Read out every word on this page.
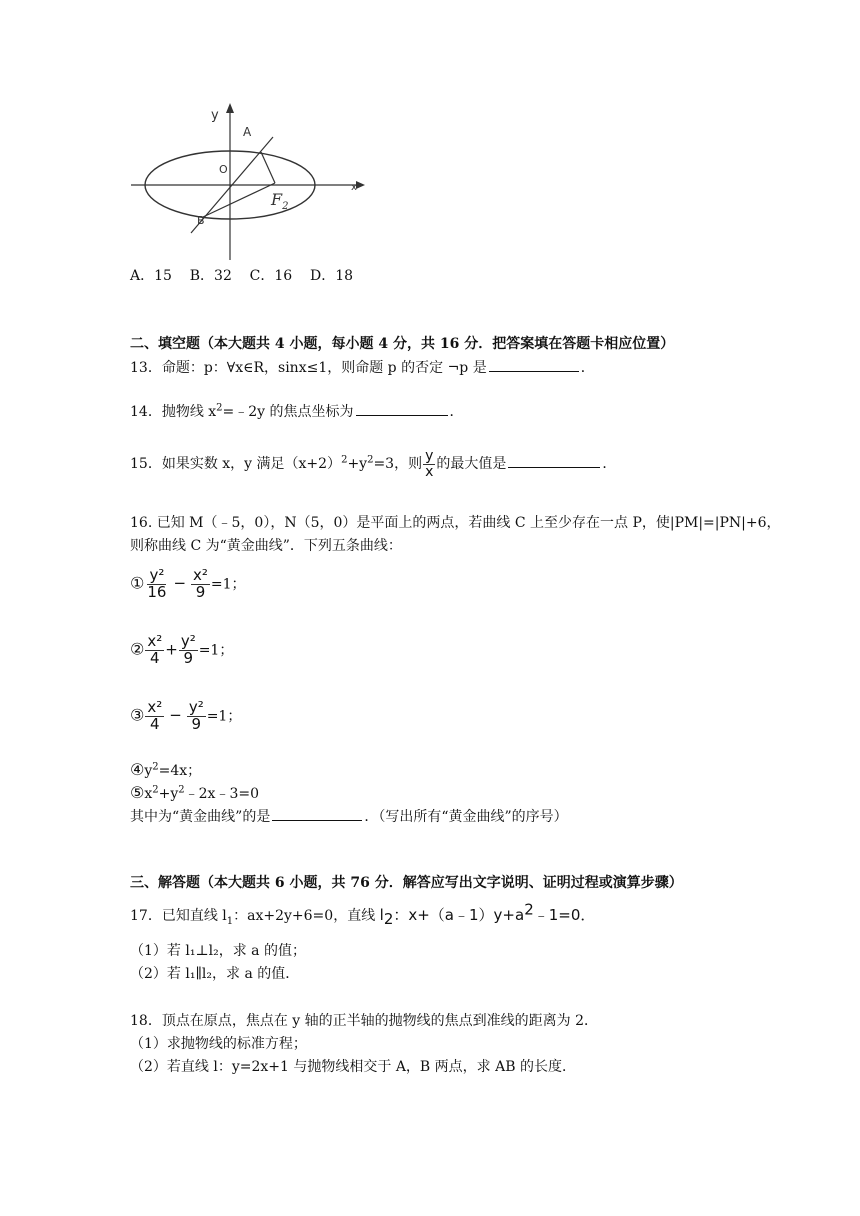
y
x
O
A
B
$F_2$
A．15 B．32 C．16 D．18
二、填空题（本大题共 4 小题，每小题 4 分，共 16 分．把答案填在答题卡相应位置）
13．命题：p：∀x∈R，sinx≤1，则命题 p 的否定 ¬p 是	．
14．抛物线 $x^2=﹣2y$ 的焦点坐标为	．
15．如果实数 x，y 满足$(x+2)^2+y^2=3$，则 $\frac{y}{x}$ 的最大值是	．
16. 已知 M（﹣5，0），N（5，0）是平面上的两点，若曲线 C 上至少存在一点 P，使|PM|=|PN|+6，
则称曲线 C 为“黄金曲线”．下列五条曲线：
① $\frac{\text{y²}}{16} - \frac{\text{x²}}{9} =1$；
② $\frac{\text{x²}}{4} + \frac{\text{y²}}{9} =1$；
③ $\frac{\text{x²}}{4} - \frac{\text{y²}}{9} =1$；
$④y^2=4x$；
$⑤x^2+y^2﹣2x﹣3=0$
其中为“黄金曲线”的是	．（写出所有“黄金曲线”的序号）
三、解答题（本大题共 6 小题，共 76 分．解答应写出文字说明、证明过程或演算步骤）
17．已知直线 $l_1$：ax+2y+6=0，直线 $l_2$：$x+(a﹣1)y+a^2﹣1=0$．
（1）若 l₁⊥l₂，求 a 的值；
（2）若 l₁∥l₂，求 a 的值．
18．顶点在原点，焦点在 y 轴的正半轴的抛物线的焦点到准线的距离为 2．
（1）求抛物线的标准方程；
（2）若直线 l：y=2x+1 与抛物线相交于 A，B 两点，求 AB 的长度．
